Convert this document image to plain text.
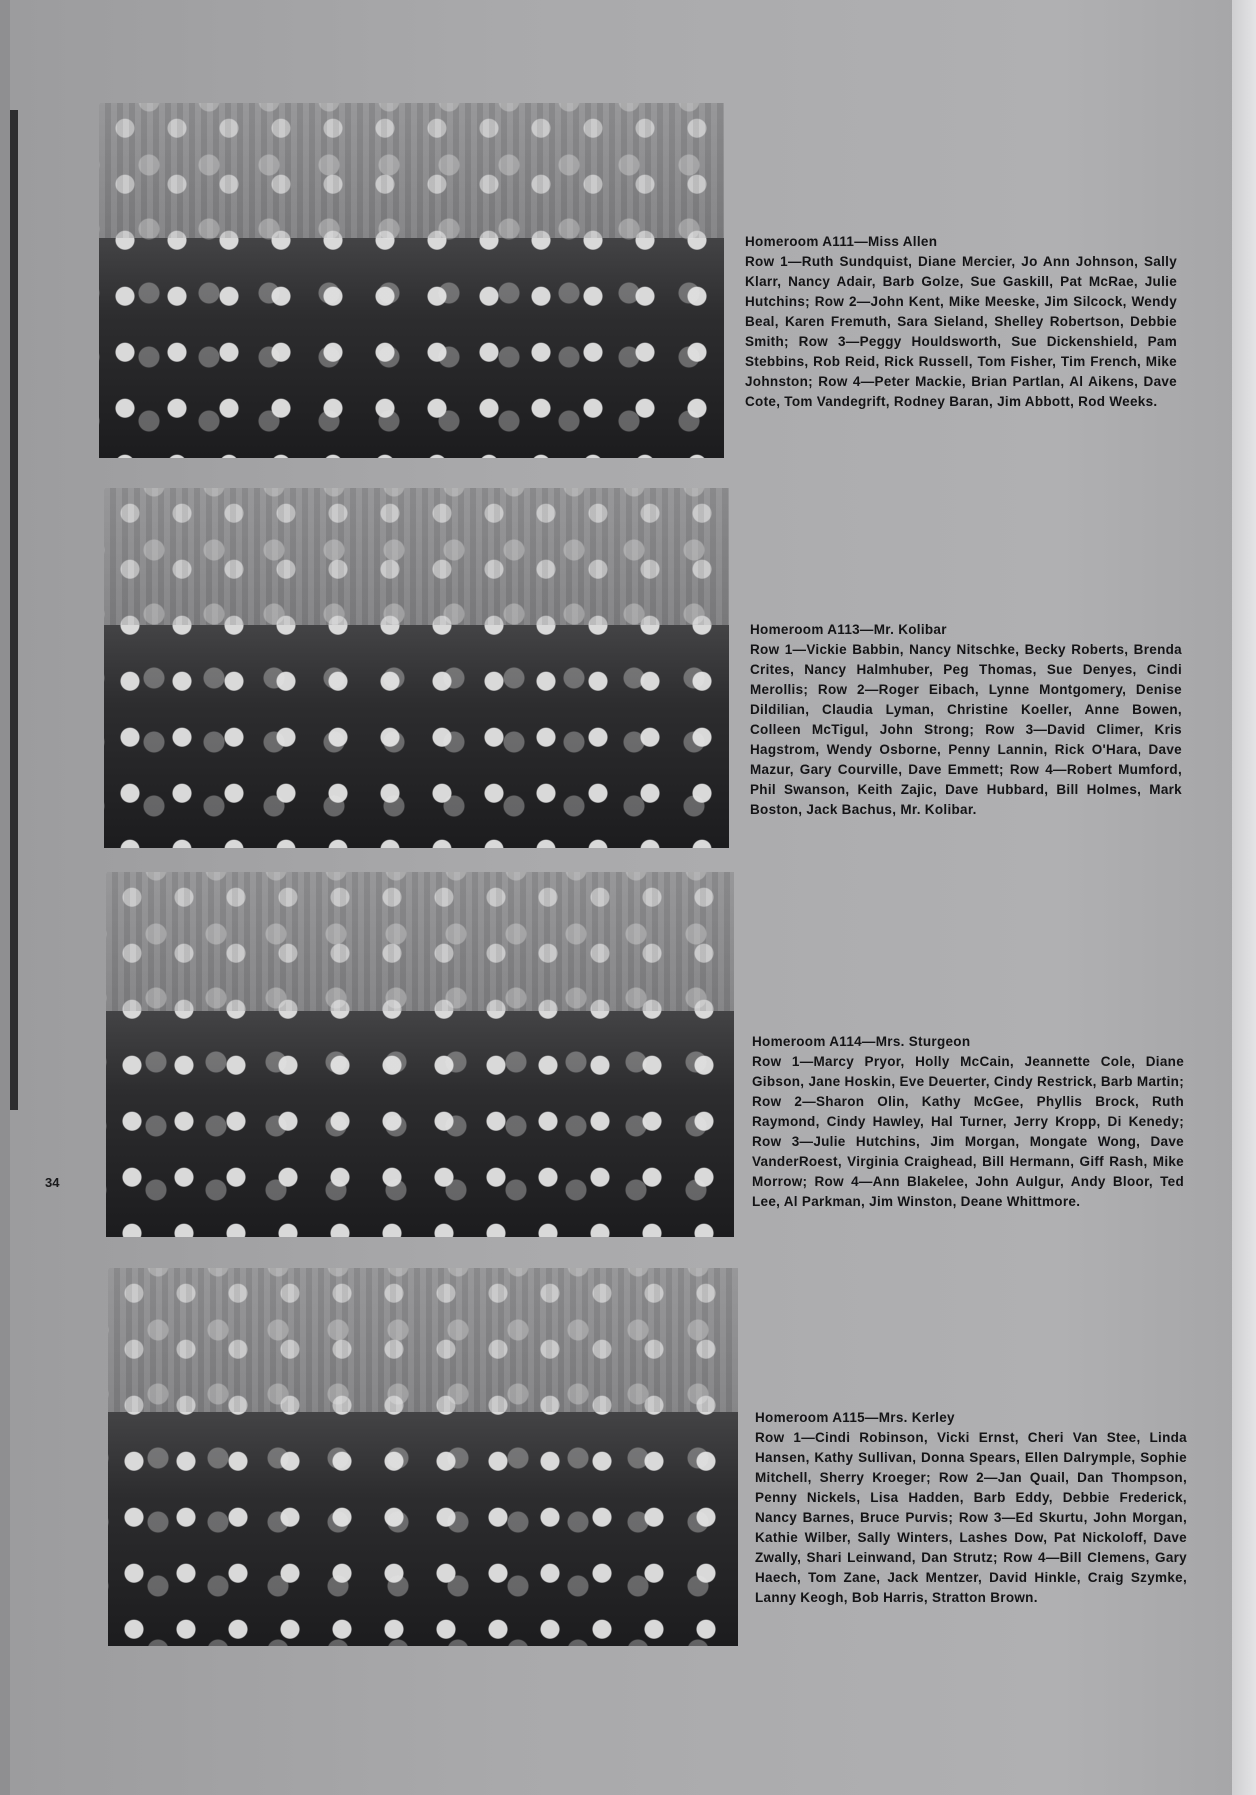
Homeroom A111—Miss Allen
Row 1—Ruth Sundquist, Diane Mercier, Jo Ann Johnson, Sally Klarr, Nancy Adair, Barb Golze, Sue Gaskill, Pat McRae, Julie Hutchins; Row 2—John Kent, Mike Meeske, Jim Silcock, Wendy Beal, Karen Fremuth, Sara Sieland, Shelley Robertson, Debbie Smith; Row 3—Peggy Houldsworth, Sue Dickenshield, Pam Stebbins, Rob Reid, Rick Russell, Tom Fisher, Tim French, Mike Johnston; Row 4—Peter Mackie, Brian Partlan, Al Aikens, Dave Cote, Tom Vandegrift, Rodney Baran, Jim Abbott, Rod Weeks.
Homeroom A113—Mr. Kolibar
Row 1—Vickie Babbin, Nancy Nitschke, Becky Roberts, Brenda Crites, Nancy Halmhuber, Peg Thomas, Sue Denyes, Cindi Merollis; Row 2—Roger Eibach, Lynne Montgomery, Denise Dildilian, Claudia Lyman, Christine Koeller, Anne Bowen, Colleen McTigul, John Strong; Row 3—David Climer, Kris Hagstrom, Wendy Osborne, Penny Lannin, Rick O'Hara, Dave Mazur, Gary Courville, Dave Emmett; Row 4—Robert Mumford, Phil Swanson, Keith Zajic, Dave Hubbard, Bill Holmes, Mark Boston, Jack Bachus, Mr. Kolibar.
34
Homeroom A114—Mrs. Sturgeon
Row 1—Marcy Pryor, Holly McCain, Jeannette Cole, Diane Gibson, Jane Hoskin, Eve Deuerter, Cindy Restrick, Barb Martin; Row 2—Sharon Olin, Kathy McGee, Phyllis Brock, Ruth Raymond, Cindy Hawley, Hal Turner, Jerry Kropp, Di Kenedy; Row 3—Julie Hutchins, Jim Morgan, Mongate Wong, Dave VanderRoest, Virginia Craighead, Bill Hermann, Giff Rash, Mike Morrow; Row 4—Ann Blakelee, John Aulgur, Andy Bloor, Ted Lee, Al Parkman, Jim Winston, Deane Whittmore.
Homeroom A115—Mrs. Kerley
Row 1—Cindi Robinson, Vicki Ernst, Cheri Van Stee, Linda Hansen, Kathy Sullivan, Donna Spears, Ellen Dalrymple, Sophie Mitchell, Sherry Kroeger; Row 2—Jan Quail, Dan Thompson, Penny Nickels, Lisa Hadden, Barb Eddy, Debbie Frederick, Nancy Barnes, Bruce Purvis; Row 3—Ed Skurtu, John Morgan, Kathie Wilber, Sally Winters, Lashes Dow, Pat Nickoloff, Dave Zwally, Shari Leinwand, Dan Strutz; Row 4—Bill Clemens, Gary Haech, Tom Zane, Jack Mentzer, David Hinkle, Craig Szymke, Lanny Keogh, Bob Harris, Stratton Brown.
